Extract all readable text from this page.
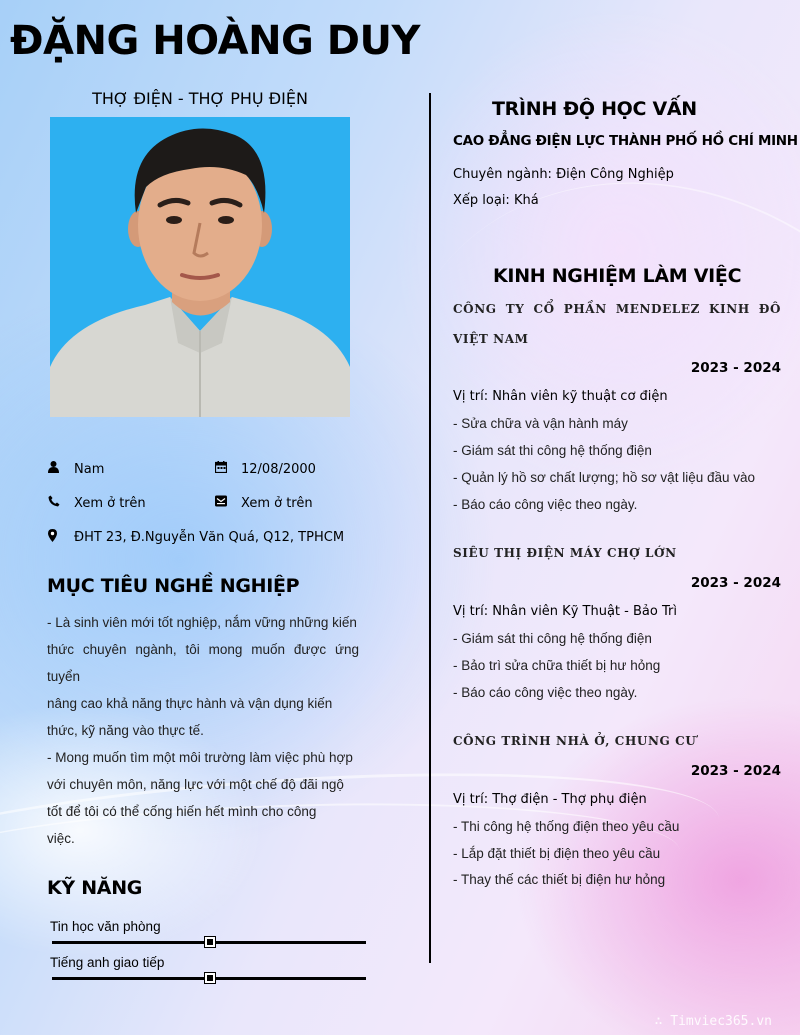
ĐẶNG HOÀNG DUY
THỢ ĐIỆN - THỢ PHỤ ĐIỆN
Nam	12/08/2000
Xem ở trên	Xem ở trên
ĐHT 23, Đ.Nguyễn Văn Quá, Q12, TPHCM
MỤC TIÊU NGHỀ NGHIỆP

- Là sinh viên mới tốt nghiệp, nắm vững những kiến

thức chuyên ngành, tôi mong muốn được ứng tuyển

nâng cao khả năng thực hành và vận dụng kiến

thức, kỹ năng vào thực tế.

- Mong muốn tìm một môi trường làm việc phù hợp

với chuyên môn, năng lực với một chế độ đãi ngộ

tốt để tôi có thể cống hiến hết mình cho công

việc.

KỸ NĂNG
Tin học văn phòng
Tiếng anh giao tiếp
TRÌNH ĐỘ HỌC VẤN
CAO ĐẲNG ĐIỆN LỰC THÀNH PHỐ HỒ CHÍ MINH
Chuyên ngành: Điện Công Nghiệp
Xếp loại: Khá
KINH NGHIỆM LÀM VIỆC
CÔNG TY CỔ PHẦN MENDELEZ KINH ĐÔ VIỆT NAM
2023 - 2024
Vị trí: Nhân viên kỹ thuật cơ điện
- Sửa chữa và vận hành máy
- Giám sát thi công hệ thống điện
- Quản lý hồ sơ chất lượng; hồ sơ vật liệu đầu vào
- Báo cáo công việc theo ngày.
SIÊU THỊ ĐIỆN MÁY CHỢ LỚN
2023 - 2024
Vị trí: Nhân viên Kỹ Thuật - Bảo Trì
- Giám sát thi công hệ thống điện
- Bảo trì sửa chữa thiết bị hư hỏng
- Báo cáo công việc theo ngày.
CÔNG TRÌNH NHÀ Ở, CHUNG CƯ
2023 - 2024
Vị trí: Thợ điện - Thợ phụ điện
- Thi công hệ thống điện theo yêu cầu
- Lắp đặt thiết bị điện theo yêu cầu
- Thay thế các thiết bị điện hư hỏng
∴ Timviec365.vn
